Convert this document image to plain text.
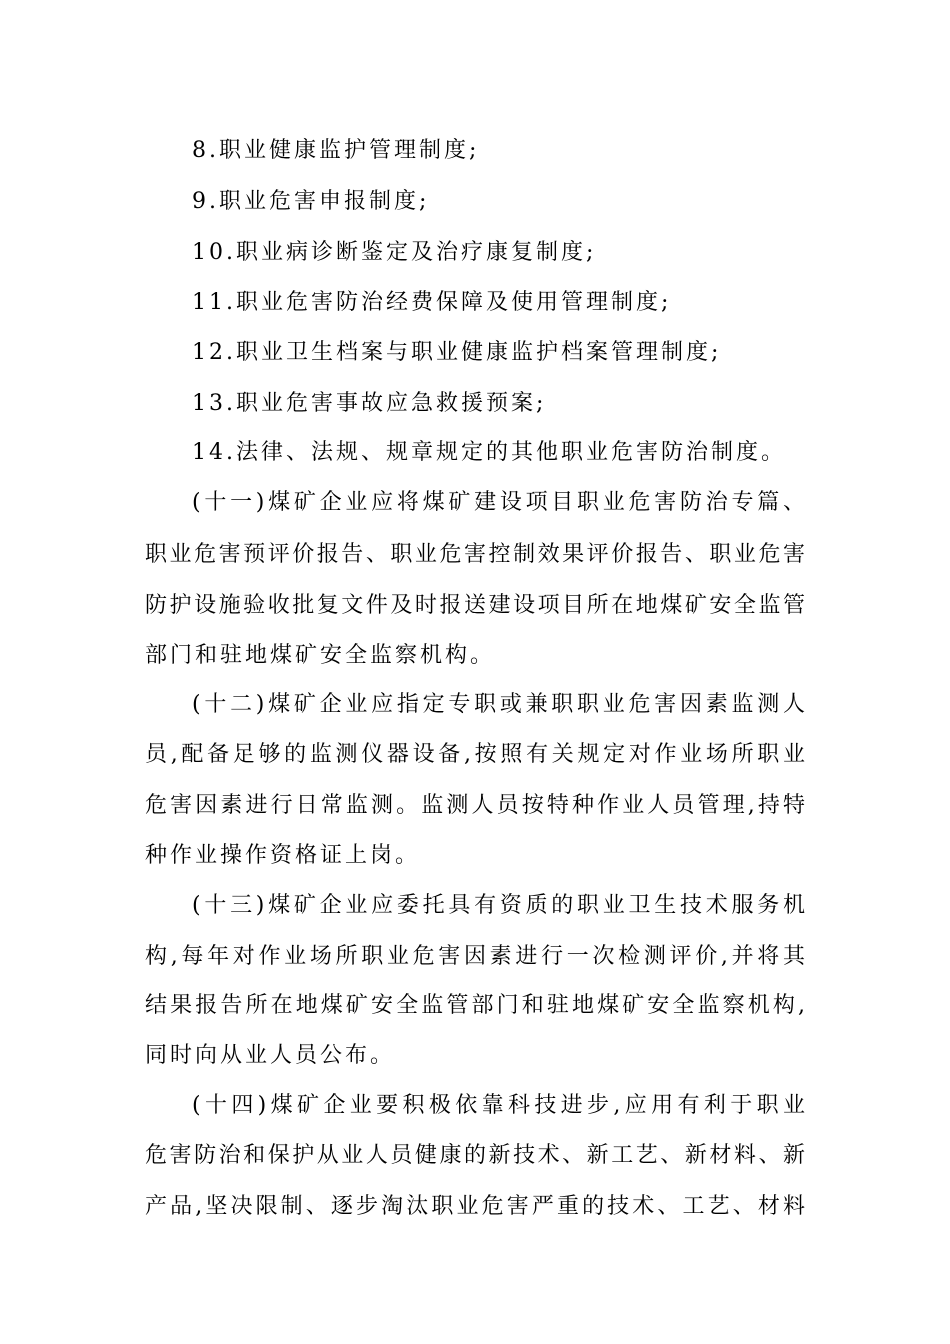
8.职业健康监护管理制度;
9.职业危害申报制度;
10.职业病诊断鉴定及治疗康复制度;
11.职业危害防治经费保障及使用管理制度;
12.职业卫生档案与职业健康监护档案管理制度;
13.职业危害事故应急救援预案;
14.法律、法规、规章规定的其他职业危害防治制度。
(十一)煤矿企业应将煤矿建设项目职业危害防治专篇、
职业危害预评价报告、职业危害控制效果评价报告、职业危害
防护设施验收批复文件及时报送建设项目所在地煤矿安全监管
部门和驻地煤矿安全监察机构。
(十二)煤矿企业应指定专职或兼职职业危害因素监测人
员,配备足够的监测仪器设备,按照有关规定对作业场所职业
危害因素进行日常监测。监测人员按特种作业人员管理,持特
种作业操作资格证上岗。
(十三)煤矿企业应委托具有资质的职业卫生技术服务机
构,每年对作业场所职业危害因素进行一次检测评价,并将其
结果报告所在地煤矿安全监管部门和驻地煤矿安全监察机构,
同时向从业人员公布。
(十四)煤矿企业要积极依靠科技进步,应用有利于职业
危害防治和保护从业人员健康的新技术、新工艺、新材料、新
产品,坚决限制、逐步淘汰职业危害严重的技术、工艺、材料
